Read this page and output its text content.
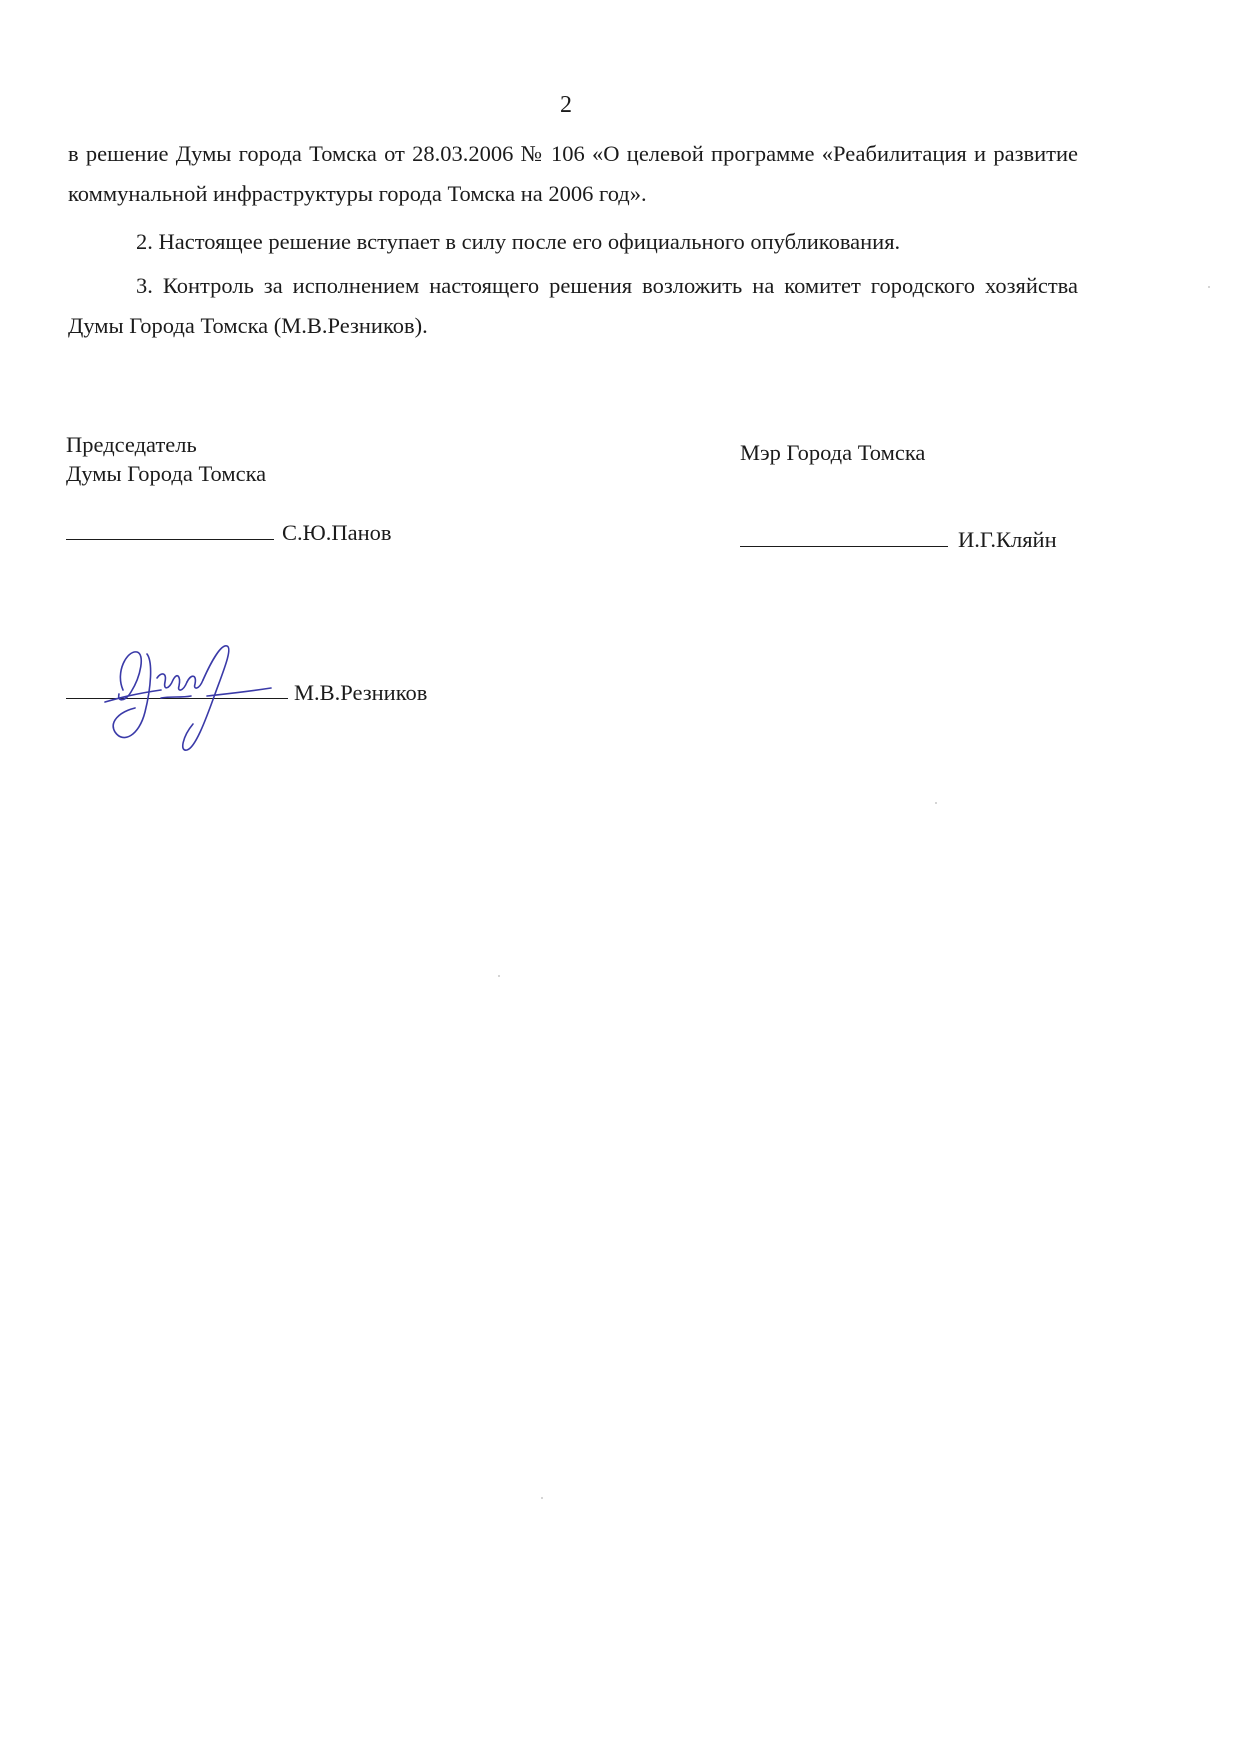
2

в решение Думы города Томска от 28.03.2006 № 106 «О целевой программе «Реабилитация и развитие коммунальной инфраструктуры города Томска на 2006 год».

2. Настоящее решение вступает в силу после его официального опубликования.

3. Контроль за исполнением настоящего решения возложить на комитет городского хозяйства Думы Города Томска (М.В.Резников).

Председатель
Думы Города Томска
С.Ю.Панов
Мэр Города Томска
И.Г.Кляйн
М.В.Резников
